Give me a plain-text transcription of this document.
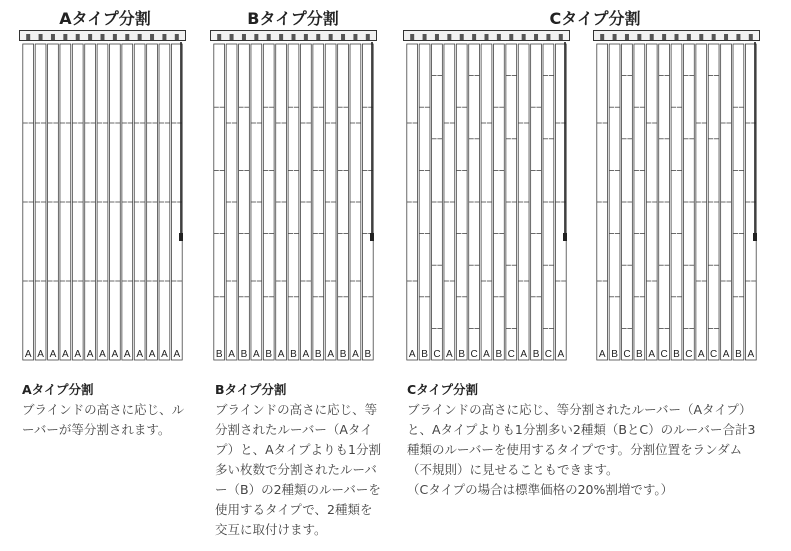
Aタイプ分割	Bタイプ分割	Cタイプ分割
A A A A A A A A A A A A A	B A B A B A B A B A B A B	A B C A B C A B C A B C A	A B C B A C B C A C A B A
Aタイプ分割
ブラインドの高さに応じ、ル
ーバーが等分割されます。
Bタイプ分割
ブラインドの高さに応じ、等
分割されたルーバー（Aタイ
プ）と、Aタイプよりも1分割
多い枚数で分割されたルーバ
ー（B）の2種類のルーバーを
使用するタイプで、2種類を
交互に取付けます。
Cタイプ分割
ブラインドの高さに応じ、等分割されたルーバー（Aタイプ）
と、Aタイプよりも1分割多い2種類（BとC）のルーバー合計3
種類のルーバーを使用するタイプです。分割位置をランダム
（不規則）に見せることもできます。
（Cタイプの場合は標準価格の20%割増です。）
